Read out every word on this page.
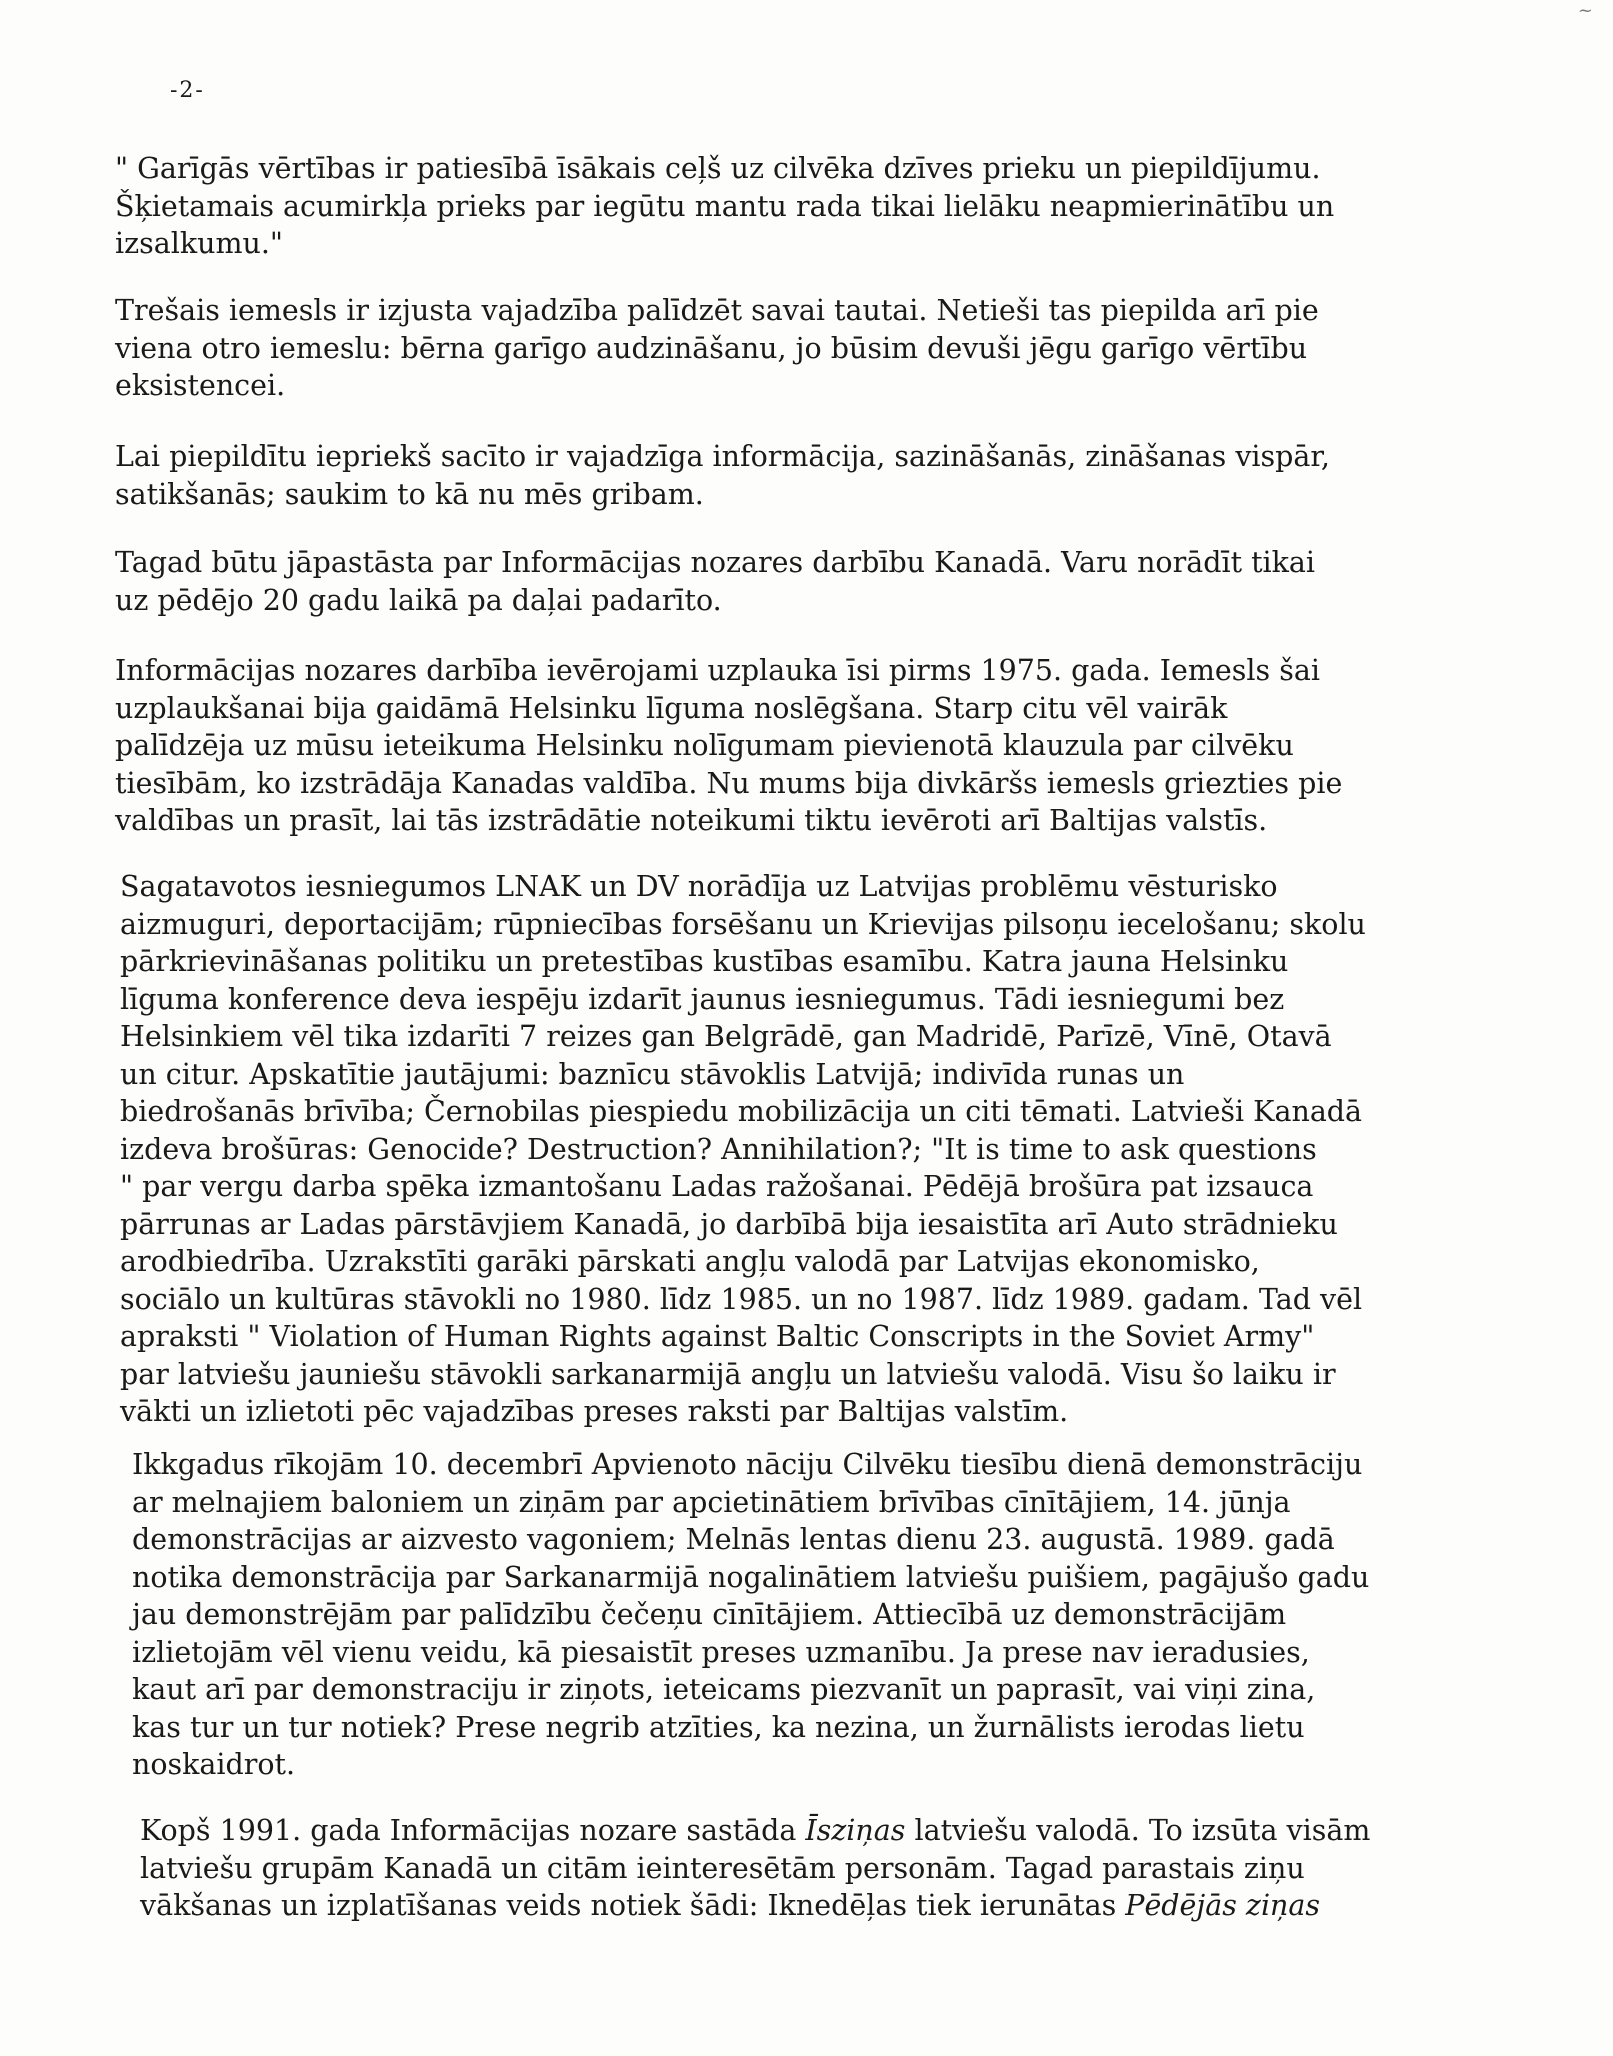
~
-2-

" Garīgās vērtības ir patiesībā īsākais ceļš uz cilvēka dzīves prieku un piepildījumu.
Šķietamais acumirkļa prieks par iegūtu mantu rada tikai lielāku neapmierinātību un
izsalkumu."

Trešais iemesls ir izjusta vajadzība palīdzēt savai tautai. Netieši tas piepilda arī pie
viena otro iemeslu: bērna garīgo audzināšanu, jo būsim devuši jēgu garīgo vērtību
eksistencei.

Lai piepildītu iepriekš sacīto ir vajadzīga informācija, sazināšanās, zināšanas vispār,
satikšanās; saukim to kā nu mēs gribam.

Tagad būtu jāpastāsta par Informācijas nozares darbību Kanadā. Varu norādīt tikai
uz pēdējo 20 gadu laikā pa daļai padarīto.

Informācijas nozares darbība ievērojami uzplauka īsi pirms 1975. gada. Iemesls šai
uzplaukšanai bija gaidāmā Helsinku līguma noslēgšana. Starp citu vēl vairāk
palīdzēja uz mūsu ieteikuma Helsinku nolīgumam pievienotā klauzula par cilvēku
tiesībām, ko izstrādāja Kanadas valdība. Nu mums bija divkāršs iemesls griezties pie
valdības un prasīt, lai tās izstrādātie noteikumi tiktu ievēroti arī Baltijas valstīs.

Sagatavotos iesniegumos LNAK un DV norādīja uz Latvijas problēmu vēsturisko
aizmuguri, deportacijām; rūpniecības forsēšanu un Krievijas pilsoņu iecelošanu; skolu
pārkrievināšanas politiku un pretestības kustības esamību. Katra jauna Helsinku
līguma konference deva iespēju izdarīt jaunus iesniegumus. Tādi iesniegumi bez
Helsinkiem vēl tika izdarīti 7 reizes gan Belgrādē, gan Madridē, Parīzē, Vīnē, Otavā
un citur. Apskatītie jautājumi: baznīcu stāvoklis Latvijā; indivīda runas un
biedrošanās brīvība; Černobilas piespiedu mobilizācija un citi tēmati. Latvieši Kanadā
izdeva brošūras: Genocide? Destruction? Annihilation?; "It is time to ask questions
" par vergu darba spēka izmantošanu Ladas ražošanai. Pēdējā brošūra pat izsauca
pārrunas ar Ladas pārstāvjiem Kanadā, jo darbībā bija iesaistīta arī Auto strādnieku
arodbiedrība. Uzrakstīti garāki pārskati angļu valodā par Latvijas ekonomisko,
sociālo un kultūras stāvokli no 1980. līdz 1985. un no 1987. līdz 1989. gadam. Tad vēl
apraksti " Violation of Human Rights against Baltic Conscripts in the Soviet Army"
par latviešu jauniešu stāvokli sarkanarmijā angļu un latviešu valodā. Visu šo laiku ir
vākti un izlietoti pēc vajadzības preses raksti par Baltijas valstīm.

Ikkgadus rīkojām 10. decembrī Apvienoto nāciju Cilvēku tiesību dienā demonstrāciju
ar melnajiem baloniem un ziņām par apcietinātiem brīvības cīnītājiem, 14. jūnja
demonstrācijas ar aizvesto vagoniem; Melnās lentas dienu 23. augustā. 1989. gadā
notika demonstrācija par Sarkanarmijā nogalinātiem latviešu puišiem, pagājušo gadu
jau demonstrējām par palīdzību čečeņu cīnītājiem. Attiecībā uz demonstrācijām
izlietojām vēl vienu veidu, kā piesaistīt preses uzmanību. Ja prese nav ieradusies,
kaut arī par demonstraciju ir ziņots, ieteicams piezvanīt un paprasīt, vai viņi zina,
kas tur un tur notiek? Prese negrib atzīties, ka nezina, un žurnālists ierodas lietu
noskaidrot.

Kopš 1991. gada Informācijas nozare sastāda Īsziņas latviešu valodā. To izsūta visām
latviešu grupām Kanadā un citām ieinteresētām personām. Tagad parastais ziņu
vākšanas un izplatīšanas veids notiek šādi: Iknedēļas tiek ierunātas Pēdējās ziņas
